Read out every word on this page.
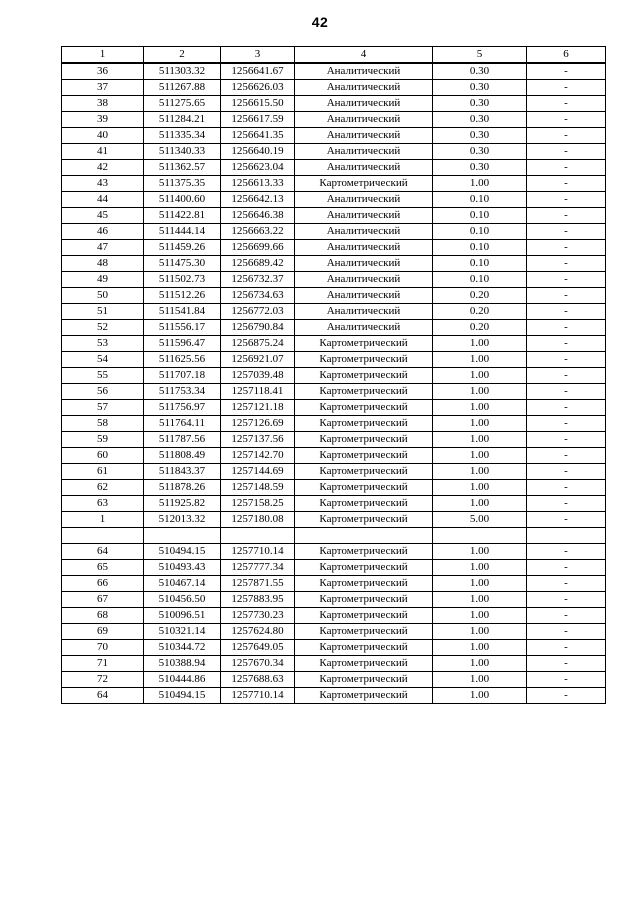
42
1	2	3	4	5	6
36	511303.32	1256641.67	Аналитический	0.30	-
37	511267.88	1256626.03	Аналитический	0.30	-
38	511275.65	1256615.50	Аналитический	0.30	-
39	511284.21	1256617.59	Аналитический	0.30	-
40	511335.34	1256641.35	Аналитический	0.30	-
41	511340.33	1256640.19	Аналитический	0.30	-
42	511362.57	1256623.04	Аналитический	0.30	-
43	511375.35	1256613.33	Картометрический	1.00	-
44	511400.60	1256642.13	Аналитический	0.10	-
45	511422.81	1256646.38	Аналитический	0.10	-
46	511444.14	1256663.22	Аналитический	0.10	-
47	511459.26	1256699.66	Аналитический	0.10	-
48	511475.30	1256689.42	Аналитический	0.10	-
49	511502.73	1256732.37	Аналитический	0.10	-
50	511512.26	1256734.63	Аналитический	0.20	-
51	511541.84	1256772.03	Аналитический	0.20	-
52	511556.17	1256790.84	Аналитический	0.20	-
53	511596.47	1256875.24	Картометрический	1.00	-
54	511625.56	1256921.07	Картометрический	1.00	-
55	511707.18	1257039.48	Картометрический	1.00	-
56	511753.34	1257118.41	Картометрический	1.00	-
57	511756.97	1257121.18	Картометрический	1.00	-
58	511764.11	1257126.69	Картометрический	1.00	-
59	511787.56	1257137.56	Картометрический	1.00	-
60	511808.49	1257142.70	Картометрический	1.00	-
61	511843.37	1257144.69	Картометрический	1.00	-
62	511878.26	1257148.59	Картометрический	1.00	-
63	511925.82	1257158.25	Картометрический	1.00	-
1	512013.32	1257180.08	Картометрический	5.00	-

64	510494.15	1257710.14	Картометрический	1.00	-
65	510493.43	1257777.34	Картометрический	1.00	-
66	510467.14	1257871.55	Картометрический	1.00	-
67	510456.50	1257883.95	Картометрический	1.00	-
68	510096.51	1257730.23	Картометрический	1.00	-
69	510321.14	1257624.80	Картометрический	1.00	-
70	510344.72	1257649.05	Картометрический	1.00	-
71	510388.94	1257670.34	Картометрический	1.00	-
72	510444.86	1257688.63	Картометрический	1.00	-
64	510494.15	1257710.14	Картометрический	1.00	-
